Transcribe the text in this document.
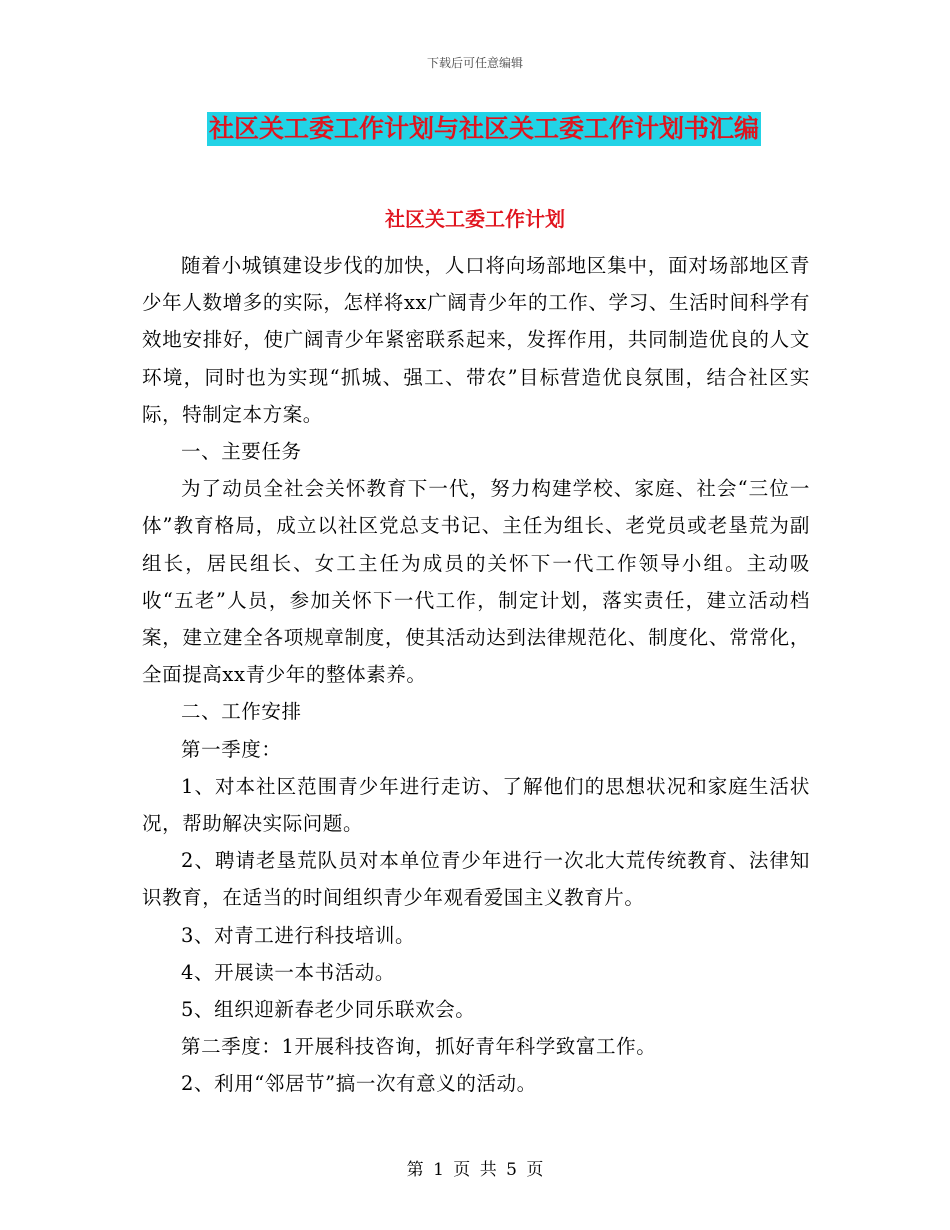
下载后可任意编辑
社区关工委工作计划与社区关工委工作计划书汇编
社区关工委工作计划

随着小城镇建设步伐的加快，人口将向场部地区集中，面对场部地区青少年人数增多的实际，怎样将xx广阔青少年的工作、学习、生活时间科学有效地安排好，使广阔青少年紧密联系起来，发挥作用，共同制造优良的人文环境，同时也为实现“抓城、强工、带农”目标营造优良氛围，结合社区实际，特制定本方案。

一、主要任务

为了动员全社会关怀教育下一代，努力构建学校、家庭、社会“三位一体”教育格局，成立以社区党总支书记、主任为组长、老党员或老垦荒为副组长，居民组长、女工主任为成员的关怀下一代工作领导小组。主动吸收“五老”人员，参加关怀下一代工作，制定计划，落实责任，建立活动档案，建立建全各项规章制度，使其活动达到法律规范化、制度化、常常化，全面提高xx青少年的整体素养。

二、工作安排

第一季度：

1、对本社区范围青少年进行走访、了解他们的思想状况和家庭生活状况，帮助解决实际问题。

2、聘请老垦荒队员对本单位青少年进行一次北大荒传统教育、法律知识教育，在适当的时间组织青少年观看爱国主义教育片。

3、对青工进行科技培训。

4、开展读一本书活动。

5、组织迎新春老少同乐联欢会。

第二季度：1开展科技咨询，抓好青年科学致富工作。

2、利用“邻居节”搞一次有意义的活动。

第 1 页 共 5 页
